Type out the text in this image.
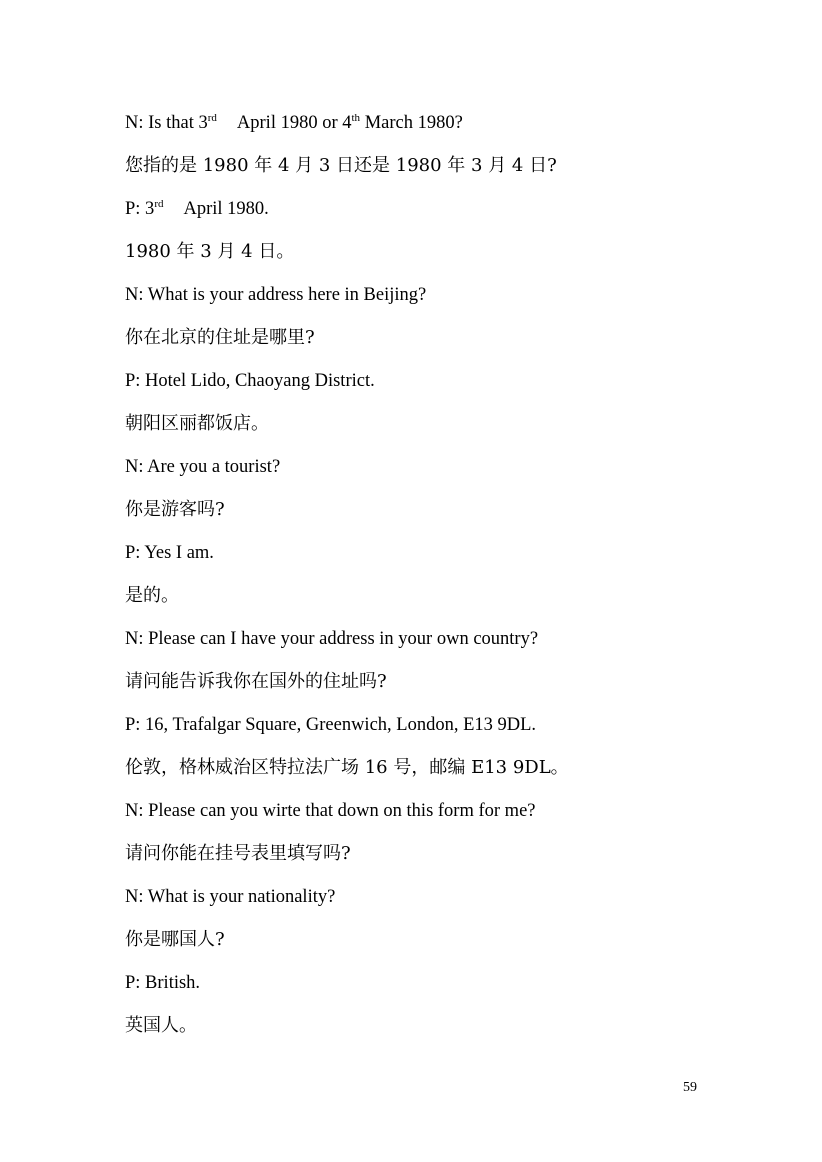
N: Is that 3rd April 1980 or 4th March 1980?
您指的是 1980 年 4 月 3 日还是 1980 年 3 月 4 日?
P: 3rd April 1980.
1980 年 3 月 4 日。
N: What is your address here in Beijing?
你在北京的住址是哪里?
P: Hotel Lido, Chaoyang District.
朝阳区丽都饭店。
N: Are you a tourist?
你是游客吗?
P: Yes I am.
是的。
N: Please can I have your address in your own country?
请问能告诉我你在国外的住址吗?
P: 16, Trafalgar Square, Greenwich, London, E13 9DL.
伦敦，格林威治区特拉法广场 16 号，邮编 E13 9DL。
N: Please can you wirte that down on this form for me?
请问你能在挂号表里填写吗?
N: What is your nationality?
你是哪国人?
P: British.
英国人。
59
